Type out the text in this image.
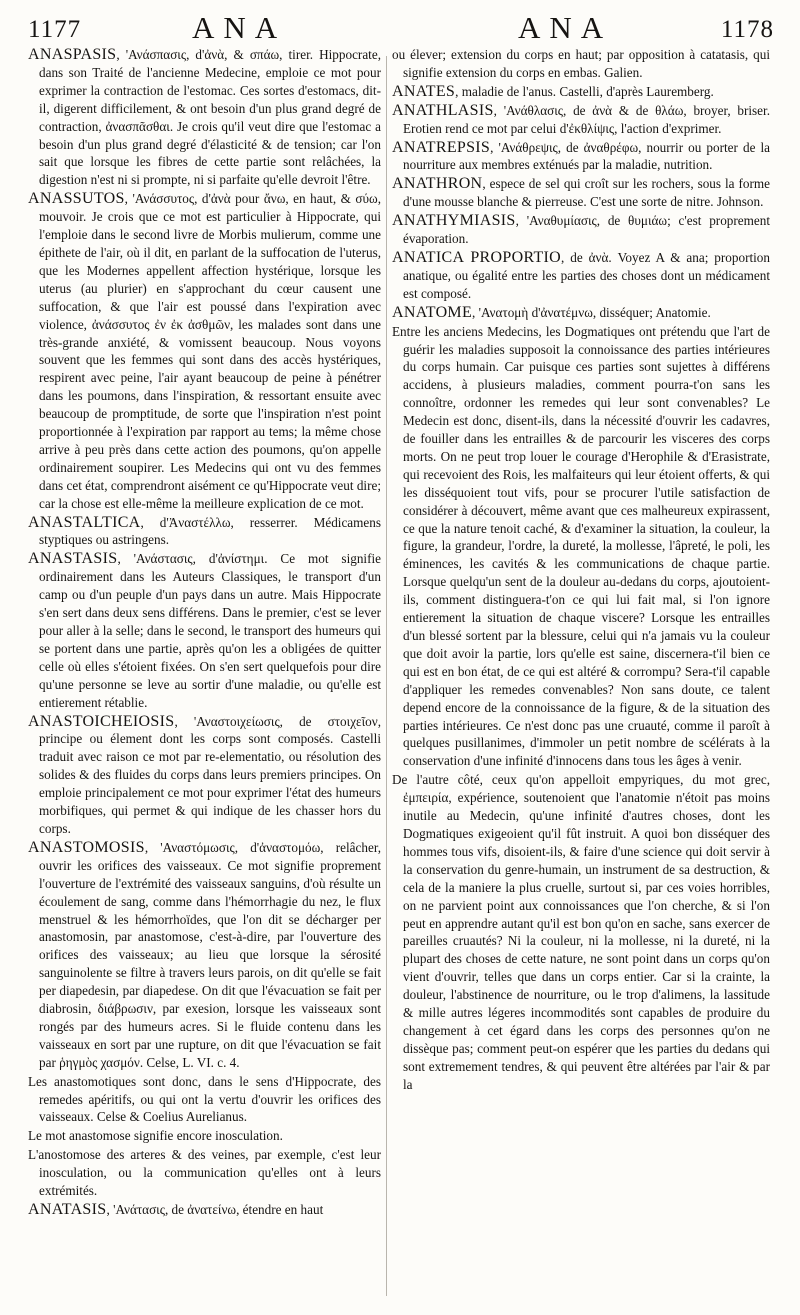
1177	ANA	ANA	1178

ANASPASIS, 'Ανάσπασις, d'ἀνὰ, & σπάω, tirer. Hippocrate, dans son Traité de l'ancienne Medecine, emploie ce mot pour exprimer la contraction de l'estomac. Ces sortes d'estomacs, dit-il, digerent difficilement, & ont besoin d'un plus grand degré de contraction, ἀνασπᾶσθαι. Je crois qu'il veut dire que l'estomac a besoin d'un plus grand degré d'élasticité & de tension; car l'on sait que lorsque les fibres de cette partie sont relâchées, la digestion n'est ni si prompte, ni si parfaite qu'elle devroit l'être.

ANASSUTOS, 'Ανάσσυτος, d'ἀνὰ pour ἄνω, en haut, & σύω, mouvoir. Je crois que ce mot est particulier à Hippocrate, qui l'emploie dans le second livre de Morbis mulierum, comme une épithete de l'air, où il dit, en parlant de la suffocation de l'uterus, que les Modernes appellent affection hystérique, lorsque les uterus (au plurier) en s'approchant du cœur causent une suffocation, & que l'air est poussé dans l'expiration avec violence, ἀνάσσυτος ἐν ἐκ ἀσθμῶν, les malades sont dans une très-grande anxiété, & vomissent beaucoup. Nous voyons souvent que les femmes qui sont dans des accès hystériques, respirent avec peine, l'air ayant beaucoup de peine à pénétrer dans les poumons, dans l'inspiration, & ressortant ensuite avec beaucoup de promptitude, de sorte que l'inspiration n'est point proportionnée à l'expiration par rapport au tems; la même chose arrive à peu près dans cette action des poumons, qu'on appelle ordinairement soupirer. Les Medecins qui ont vu des femmes dans cet état, comprendront aisément ce qu'Hippocrate veut dire; car la chose est elle-même la meilleure explication de ce mot.

ANASTALTICA, d'Ἀναστέλλω, resserrer. Médicamens styptiques ou astringens.

ANASTASIS, 'Ανάστασις, d'ἀνίστημι. Ce mot signifie ordinairement dans les Auteurs Classiques, le transport d'un camp ou d'un peuple d'un pays dans un autre. Mais Hippocrate s'en sert dans deux sens différens. Dans le premier, c'est se lever pour aller à la selle; dans le second, le transport des humeurs qui se portent dans une partie, après qu'on les a obligées de quitter celle où elles s'étoient fixées. On s'en sert quelquefois pour dire qu'une personne se leve au sortir d'une maladie, ou qu'elle est entierement rétablie.

ANASTOICHEIOSIS, 'Αναστοιχείωσις, de στοιχεῖον, principe ou élement dont les corps sont composés. Castelli traduit avec raison ce mot par re-elementatio, ou résolution des solides & des fluides du corps dans leurs premiers principes. On emploie principalement ce mot pour exprimer l'état des humeurs morbifiques, qui permet & qui indique de les chasser hors du corps.

ANASTOMOSIS, 'Αναστόμωσις, d'ἀναστομόω, relâcher, ouvrir les orifices des vaisseaux. Ce mot signifie proprement l'ouverture de l'extrémité des vaisseaux sanguins, d'où résulte un écoulement de sang, comme dans l'hémorrhagie du nez, le flux menstruel & les hémorrhoïdes, que l'on dit se décharger per anastomosin, par anastomose, c'est-à-dire, par l'ouverture des orifices des vaisseaux; au lieu que lorsque la sérosité sanguinolente se filtre à travers leurs parois, on dit qu'elle se fait per diapedesin, par diapedese. On dit que l'évacuation se fait per diabrosin, διάβρωσιν, par exesion, lorsque les vaisseaux sont rongés par des humeurs acres. Si le fluide contenu dans les vaisseaux en sort par une rupture, on dit que l'évacuation se fait par ῥηγμὸς χασμόν. Celse, L. VI. c. 4.

Les anastomotiques sont donc, dans le sens d'Hippocrate, des remedes apéritifs, ou qui ont la vertu d'ouvrir les orifices des vaisseaux. Celse & Coelius Aurelianus.

Le mot anastomose signifie encore inosculation.

L'anostomose des arteres & des veines, par exemple, c'est leur inosculation, ou la communication qu'elles ont à leurs extrémités.

ANATASIS, 'Ανάτασις, de ἀνατείνω, étendre en haut

ou élever; extension du corps en haut; par opposition à catatasis, qui signifie extension du corps en embas. Galien.

ANATES, maladie de l'anus. Castelli, d'après Lauremberg.

ANATHLASIS, 'Ανάθλασις, de ἀνὰ & de θλάω, broyer, briser. Erotien rend ce mot par celui d'ἐκθλίψις, l'action d'exprimer.

ANATREPSIS, 'Ανάθρεψις, de ἀναθρέφω, nourrir ou porter de la nourriture aux membres exténués par la maladie, nutrition.

ANATHRON, espece de sel qui croît sur les rochers, sous la forme d'une mousse blanche & pierreuse. C'est une sorte de nitre. Johnson.

ANATHYMIASIS, 'Αναθυμίασις, de θυμιάω; c'est proprement évaporation.

ANATICA PROPORTIO, de ἀνὰ. Voyez A & ana; proportion anatique, ou égalité entre les parties des choses dont un médicament est composé.

ANATOME, 'Ανατομὴ d'ἀνατέμνω, disséquer; Anatomie.

Entre les anciens Medecins, les Dogmatiques ont prétendu que l'art de guérir les maladies supposoit la connoissance des parties intérieures du corps humain. Car puisque ces parties sont sujettes à différens accidens, à plusieurs maladies, comment pourra-t'on sans les connoître, ordonner les remedes qui leur sont convenables? Le Medecin est donc, disent-ils, dans la nécessité d'ouvrir les cadavres, de fouiller dans les entrailles & de parcourir les visceres des corps morts. On ne peut trop louer le courage d'Herophile & d'Erasistrate, qui recevoient des Rois, les malfaiteurs qui leur étoient offerts, & qui les disséquoient tout vifs, pour se procurer l'utile satisfaction de considérer à découvert, même avant que ces malheureux expirassent, ce que la nature tenoit caché, & d'examiner la situation, la couleur, la figure, la grandeur, l'ordre, la dureté, la mollesse, l'âpreté, le poli, les éminences, les cavités & les communications de chaque partie. Lorsque quelqu'un sent de la douleur au-dedans du corps, ajoutoient-ils, comment distinguera-t'on ce qui lui fait mal, si l'on ignore entierement la situation de chaque viscere? Lorsque les entrailles d'un blessé sortent par la blessure, celui qui n'a jamais vu la couleur que doit avoir la partie, lors qu'elle est saine, discernera-t'il bien ce qui est en bon état, de ce qui est altéré & corrompu? Sera-t'il capable d'appliquer les remedes convenables? Non sans doute, ce talent depend encore de la connoissance de la figure, & de la situation des parties intérieures. Ce n'est donc pas une cruauté, comme il paroît à quelques pusillanimes, d'immoler un petit nombre de scélérats à la conservation d'une infinité d'innocens dans tous les âges à venir.

De l'autre côté, ceux qu'on appelloit empyriques, du mot grec, ἐμπειρία, expérience, soutenoient que l'anatomie n'étoit pas moins inutile au Medecin, qu'une infinité d'autres choses, dont les Dogmatiques exigeoient qu'il fût instruit. A quoi bon disséquer des hommes tous vifs, disoient-ils, & faire d'une science qui doit servir à la conservation du genre-humain, un instrument de sa destruction, & cela de la maniere la plus cruelle, surtout si, par ces voies horribles, on ne parvient point aux connoissances que l'on cherche, & si l'on peut en apprendre autant qu'il est bon qu'on en sache, sans exercer de pareilles cruautés? Ni la couleur, ni la mollesse, ni la dureté, ni la plupart des choses de cette nature, ne sont point dans un corps qu'on vient d'ouvrir, telles que dans un corps entier. Car si la crainte, la douleur, l'abstinence de nourriture, ou le trop d'alimens, la lassitude & mille autres légeres incommodités sont capables de produire du changement à cet égard dans les corps des personnes qu'on ne dissèque pas; comment peut-on espérer que les parties du dedans qui sont extremement tendres, & qui peuvent être altérées par l'air & par la
